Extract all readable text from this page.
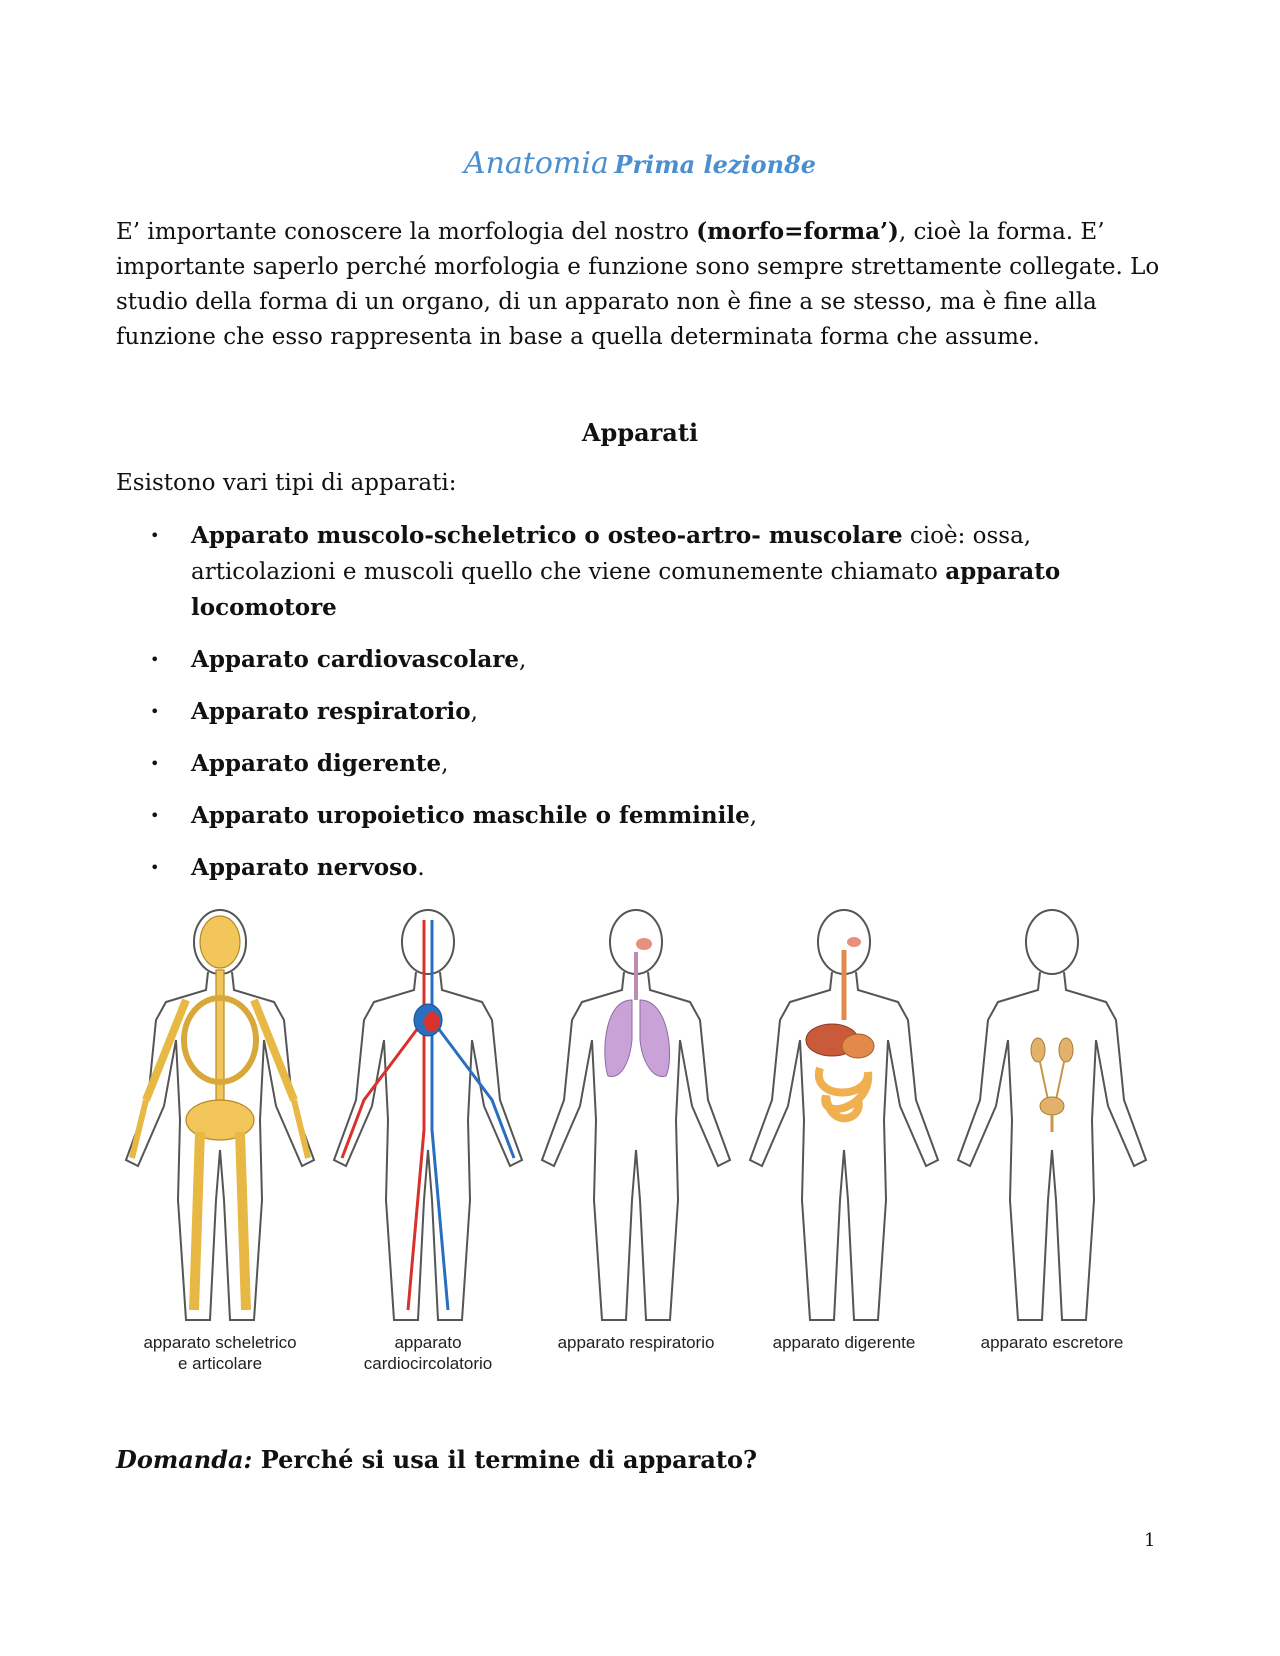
Anatomia Prima lezion8e

E’ importante conoscere la morfologia del nostro (morfo=forma’), cioè la forma. E’ importante saperlo perché morfologia e funzione sono sempre strettamente collegate. Lo studio della forma di un organo, di un apparato non è fine a se stesso, ma è fine alla funzione che esso rappresenta in base a quella determinata forma che assume.

Apparati

Esistono vari tipi di apparati:

• Apparato muscolo-scheletrico o osteo-artro- muscolare cioè: ossa, articolazioni e muscoli quello che viene comunemente chiamato apparato locomotore
• Apparato cardiovascolare,
• Apparato respiratorio,
• Apparato digerente,
• Apparato uropoietico maschile o femminile,
• Apparato nervoso.
apparato scheletrico
e articolare
apparato
cardiocircolatorio
apparato respiratorio	apparato digerente	apparato escretore

Domanda: Perché si usa il termine di apparato?

1
